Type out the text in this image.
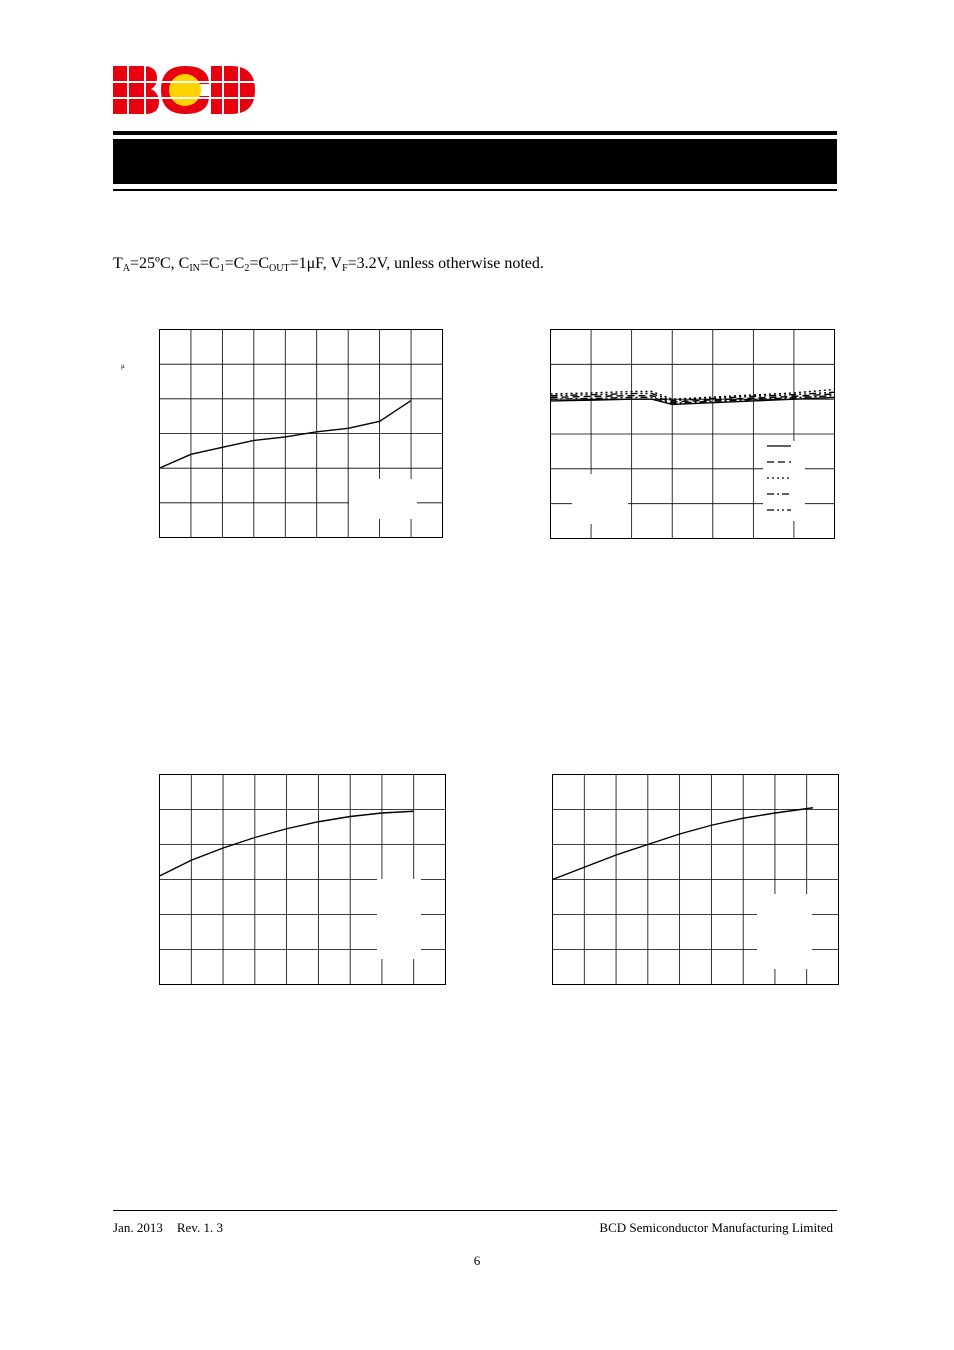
$T_A=25ºC$, $C_{IN}=C_1=C_2=C_{OUT}=1\mu F$, $V_F=3.2V$, unless otherwise noted.
μ
Jan. 2013 Rev. 1. 3	BCD Semiconductor Manufacturing Limited
6
